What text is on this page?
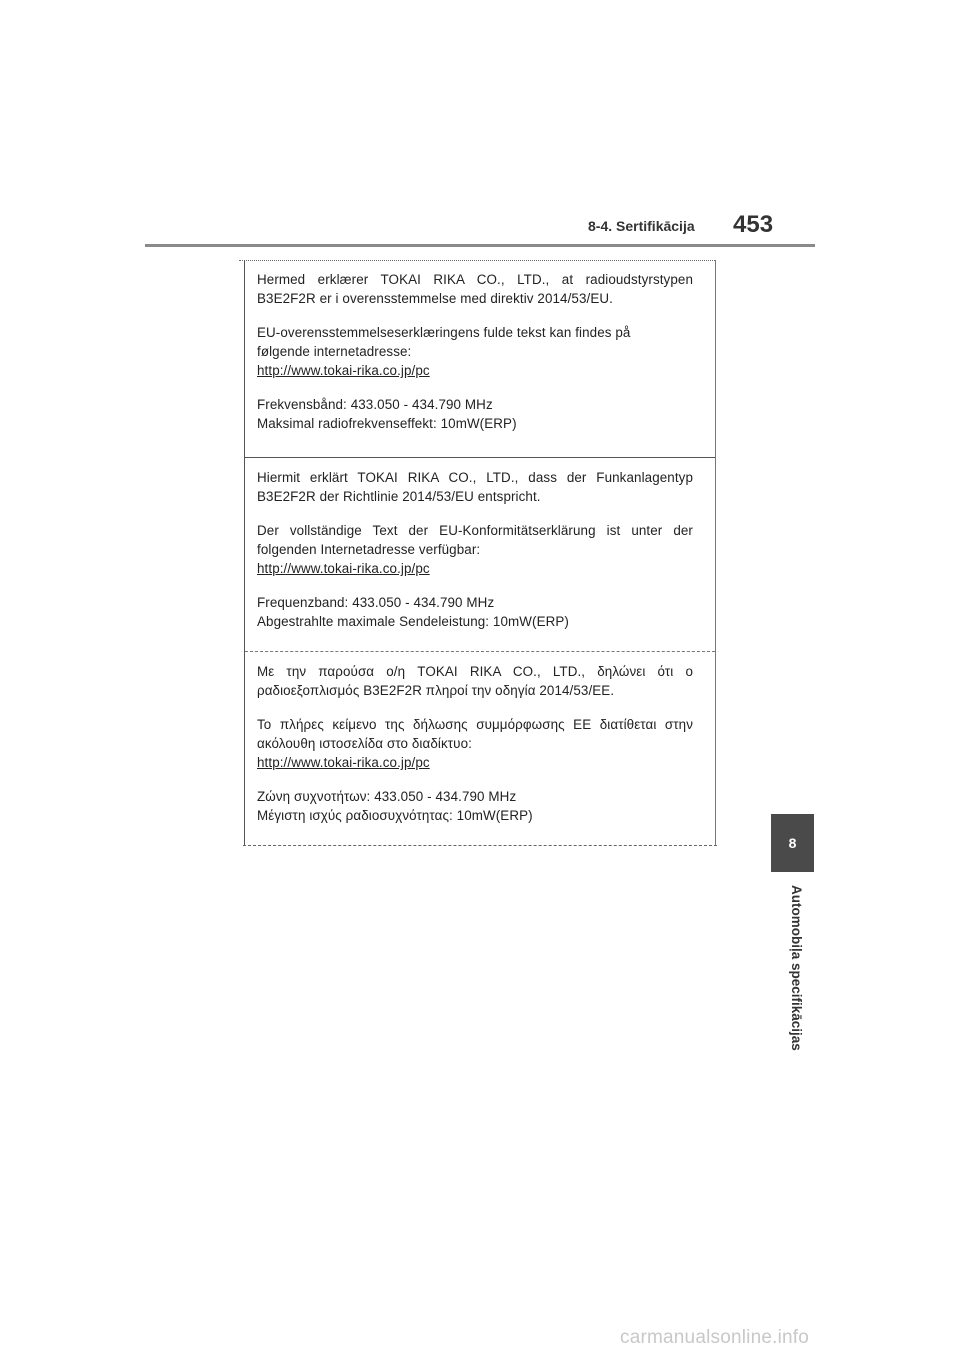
8-4. Sertifikācija 453

Hermed erklærer TOKAI RIKA CO., LTD., at radioudstyrstypen

B3E2F2R er i overensstemmelse med direktiv 2014/53/EU.

EU-overensstemmelseserklæringens fulde tekst kan findes på

følgende internetadresse:

http://www.tokai-rika.co.jp/pc

Frekvensbånd: 433.050 - 434.790 MHz

Maksimal radiofrekvenseffekt: 10mW(ERP)

Hiermit erklärt TOKAI RIKA CO., LTD., dass der Funkanlagentyp

B3E2F2R der Richtlinie 2014/53/EU entspricht.

Der vollständige Text der EU-Konformitätserklärung ist unter der

folgenden Internetadresse verfügbar:

http://www.tokai-rika.co.jp/pc

Frequenzband: 433.050 - 434.790 MHz

Abgestrahlte maximale Sendeleistung: 10mW(ERP)

Με την παρούσα ο/η TOKAI RIKA CO., LTD., δηλώνει ότι ο

ραδιοεξοπλισμός B3E2F2R πληροί την οδηγία 2014/53/ΕΕ.

Το πλήρες κείμενο της δήλωσης συμμόρφωσης ΕΕ διατίθεται στην

ακόλουθη ιστοσελίδα στο διαδίκτυο:

http://www.tokai-rika.co.jp/pc

Ζώνη συχνοτήτων: 433.050 - 434.790 MHz

Μέγιστη ισχύς ραδιοσυχνότητας: 10mW(ERP)

8
Automobiļa specifikācijas
carmanualsonline.info
